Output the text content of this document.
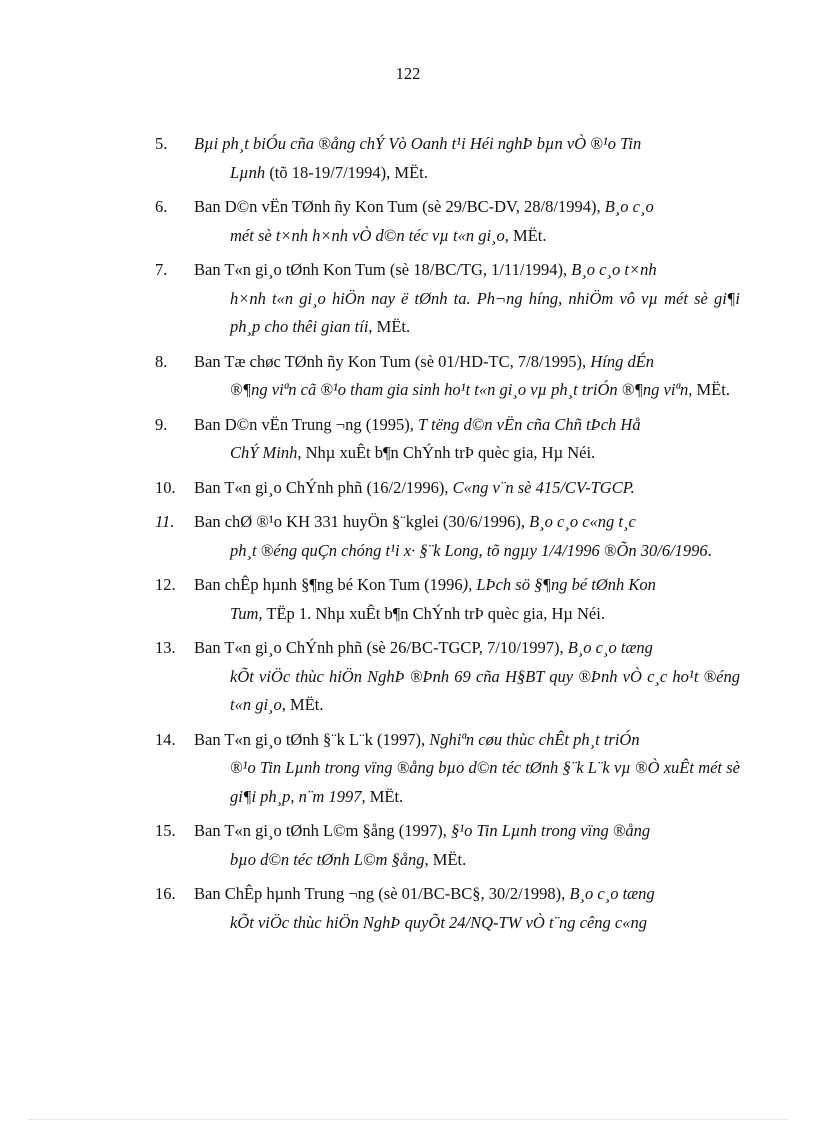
122
5. Bµi ph¸t biÓu cña ®ång chÝ Vò Oanh t¹i Héi nghÞ bµn vÒ ®¹o Tin
Lµnh (tõ 18-19/7/1994), MËt.
6. Ban D©n vËn TØnh ñy Kon Tum (sè 29/BC-DV, 28/8/1994), B¸o c¸o
mét sè t×nh h×nh vÒ d©n téc vµ t«n gi¸o, MËt.
7. Ban T«n gi¸o tØnh Kon Tum (sè 18/BC/TG, 1/11/1994), B¸o c¸o t×nh
h×nh t«n gi¸o hiÖn nay ë tØnh ta. Ph¬ng híng, nhiÖm vô vµ mét sè gi¶i ph¸p cho thêi gian tíi, MËt.
8. Ban Tæ chøc TØnh ñy Kon Tum (sè 01/HD-TC, 7/8/1995), Híng dÉn
®¶ng viªn cã ®¹o tham gia sinh ho¹t t«n gi¸o vµ ph¸t triÓn ®¶ng viªn, MËt.
9. Ban D©n vËn Trung ¬ng (1995), T tëng d©n vËn cña Chñ tÞch Hå
ChÝ Minh, Nhµ xuÊt b¶n ChÝnh trÞ quèc gia, Hµ Néi.
10. Ban T«n gi¸o ChÝnh phñ (16/2/1996), C«ng v¨n sè 415/CV-TGCP.
11. Ban chØ ®¹o KH 331 huyÖn §¨kglei (30/6/1996), B¸o c¸o c«ng t¸c
ph¸t ®éng quÇn chóng t¹i x· §¨k Long, tõ ngµy 1/4/1996 ®Õn 30/6/1996.
12. Ban chÊp hµnh §¶ng bé Kon Tum (1996), LÞch sö §¶ng bé tØnh Kon
Tum, TËp 1. Nhµ xuÊt b¶n ChÝnh trÞ quèc gia, Hµ Néi.
13. Ban T«n gi¸o ChÝnh phñ (sè 26/BC-TGCP, 7/10/1997), B¸o c¸o tæng
kÕt viÖc thùc hiÖn NghÞ ®Þnh 69 cña H§BT quy ®Þnh vÒ c¸c ho¹t ®éng t«n gi¸o, MËt.
14. Ban T«n gi¸o tØnh §¨k L¨k (1997), Nghiªn cøu thùc chÊt ph¸t triÓn
®¹o Tin Lµnh trong vïng ®ång bµo d©n téc tØnh §¨k L¨k vµ ®Ò xuÊt mét sè gi¶i ph¸p, n¨m 1997, MËt.
15. Ban T«n gi¸o tØnh L©m §ång (1997), §¹o Tin Lµnh trong vïng ®ång
bµo d©n téc tØnh L©m §ång, MËt.
16. Ban ChÊp hµnh Trung ¬ng (sè 01/BC-BC§, 30/2/1998), B¸o c¸o tæng
kÕt viÖc thùc hiÖn NghÞ quyÕt 24/NQ-TW vÒ t¨ng cêng c«ng
